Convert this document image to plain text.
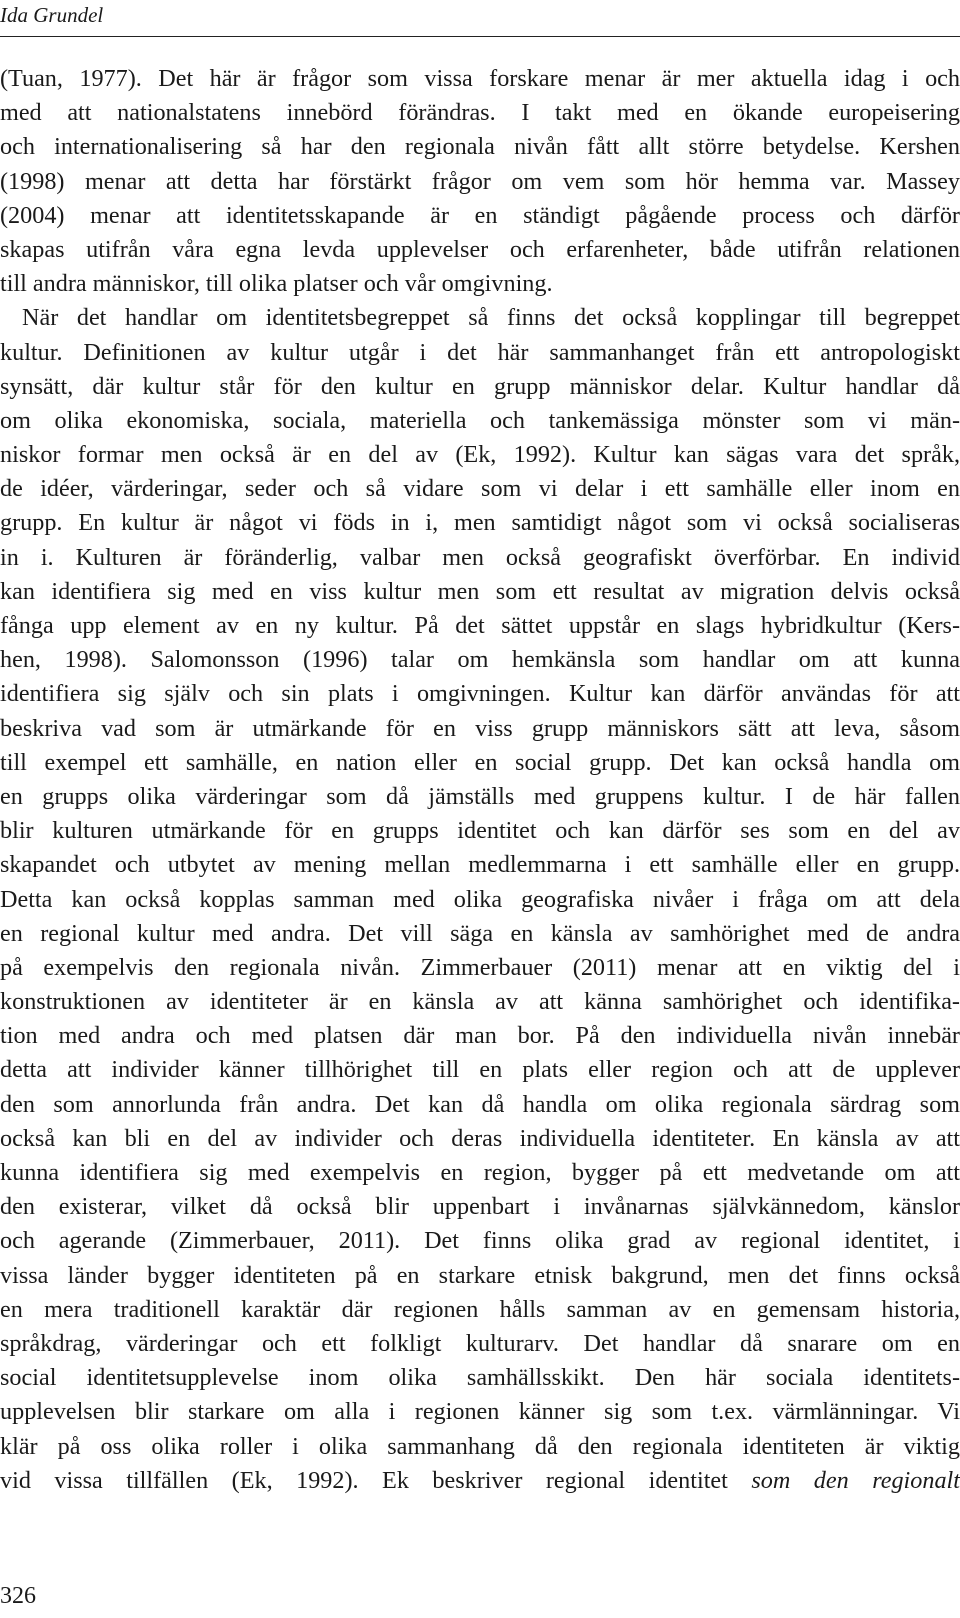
Ida Grundel
(Tuan, 1977). Det här är frågor som vissa forskare menar är mer aktuella idag i och
med att nationalstatens innebörd förändras. I takt med en ökande europeisering
och internationalisering så har den regionala nivån fått allt större betydelse. Kershen
(1998) menar att detta har förstärkt frågor om vem som hör hemma var. Massey
(2004) menar att identitetsskapande är en ständigt pågående process och därför
skapas utifrån våra egna levda upplevelser och erfarenheter, både utifrån relationen
till andra människor, till olika platser och vår omgivning.
När det handlar om identitetsbegreppet så finns det också kopplingar till begreppet
kultur. Definitionen av kultur utgår i det här sammanhanget från ett antropologiskt
synsätt, där kultur står för den kultur en grupp människor delar. Kultur handlar då
om olika ekonomiska, sociala, materiella och tankemässiga mönster som vi män-
niskor formar men också är en del av (Ek, 1992). Kultur kan sägas vara det språk,
de idéer, värderingar, seder och så vidare som vi delar i ett samhälle eller inom en
grupp. En kultur är något vi föds in i, men samtidigt något som vi också socialiseras
in i. Kulturen är föränderlig, valbar men också geografiskt överförbar. En individ
kan identifiera sig med en viss kultur men som ett resultat av migration delvis också
fånga upp element av en ny kultur. På det sättet uppstår en slags hybridkultur (Kers-
hen, 1998). Salomonsson (1996) talar om hemkänsla som handlar om att kunna
identifiera sig själv och sin plats i omgivningen. Kultur kan därför användas för att
beskriva vad som är utmärkande för en viss grupp människors sätt att leva, såsom
till exempel ett samhälle, en nation eller en social grupp. Det kan också handla om
en grupps olika värderingar som då jämställs med gruppens kultur. I de här fallen
blir kulturen utmärkande för en grupps identitet och kan därför ses som en del av
skapandet och utbytet av mening mellan medlemmarna i ett samhälle eller en grupp.
Detta kan också kopplas samman med olika geografiska nivåer i fråga om att dela
en regional kultur med andra. Det vill säga en känsla av samhörighet med de andra
på exempelvis den regionala nivån. Zimmerbauer (2011) menar att en viktig del i
konstruktionen av identiteter är en känsla av att känna samhörighet och identifika-
tion med andra och med platsen där man bor. På den individuella nivån innebär
detta att individer känner tillhörighet till en plats eller region och att de upplever
den som annorlunda från andra. Det kan då handla om olika regionala särdrag som
också kan bli en del av individer och deras individuella identiteter. En känsla av att
kunna identifiera sig med exempelvis en region, bygger på ett medvetande om att
den existerar, vilket då också blir uppenbart i invånarnas självkännedom, känslor
och agerande (Zimmerbauer, 2011). Det finns olika grad av regional identitet, i
vissa länder bygger identiteten på en starkare etnisk bakgrund, men det finns också
en mera traditionell karaktär där regionen hålls samman av en gemensam historia,
språkdrag, värderingar och ett folkligt kulturarv. Det handlar då snarare om en
social identitetsupplevelse inom olika samhällsskikt. Den här sociala identitets-
upplevelsen blir starkare om alla i regionen känner sig som t.ex. värmlänningar. Vi
klär på oss olika roller i olika sammanhang då den regionala identiteten är viktig
vid vissa tillfällen (Ek, 1992). Ek beskriver regional identitet som den regionalt
326
